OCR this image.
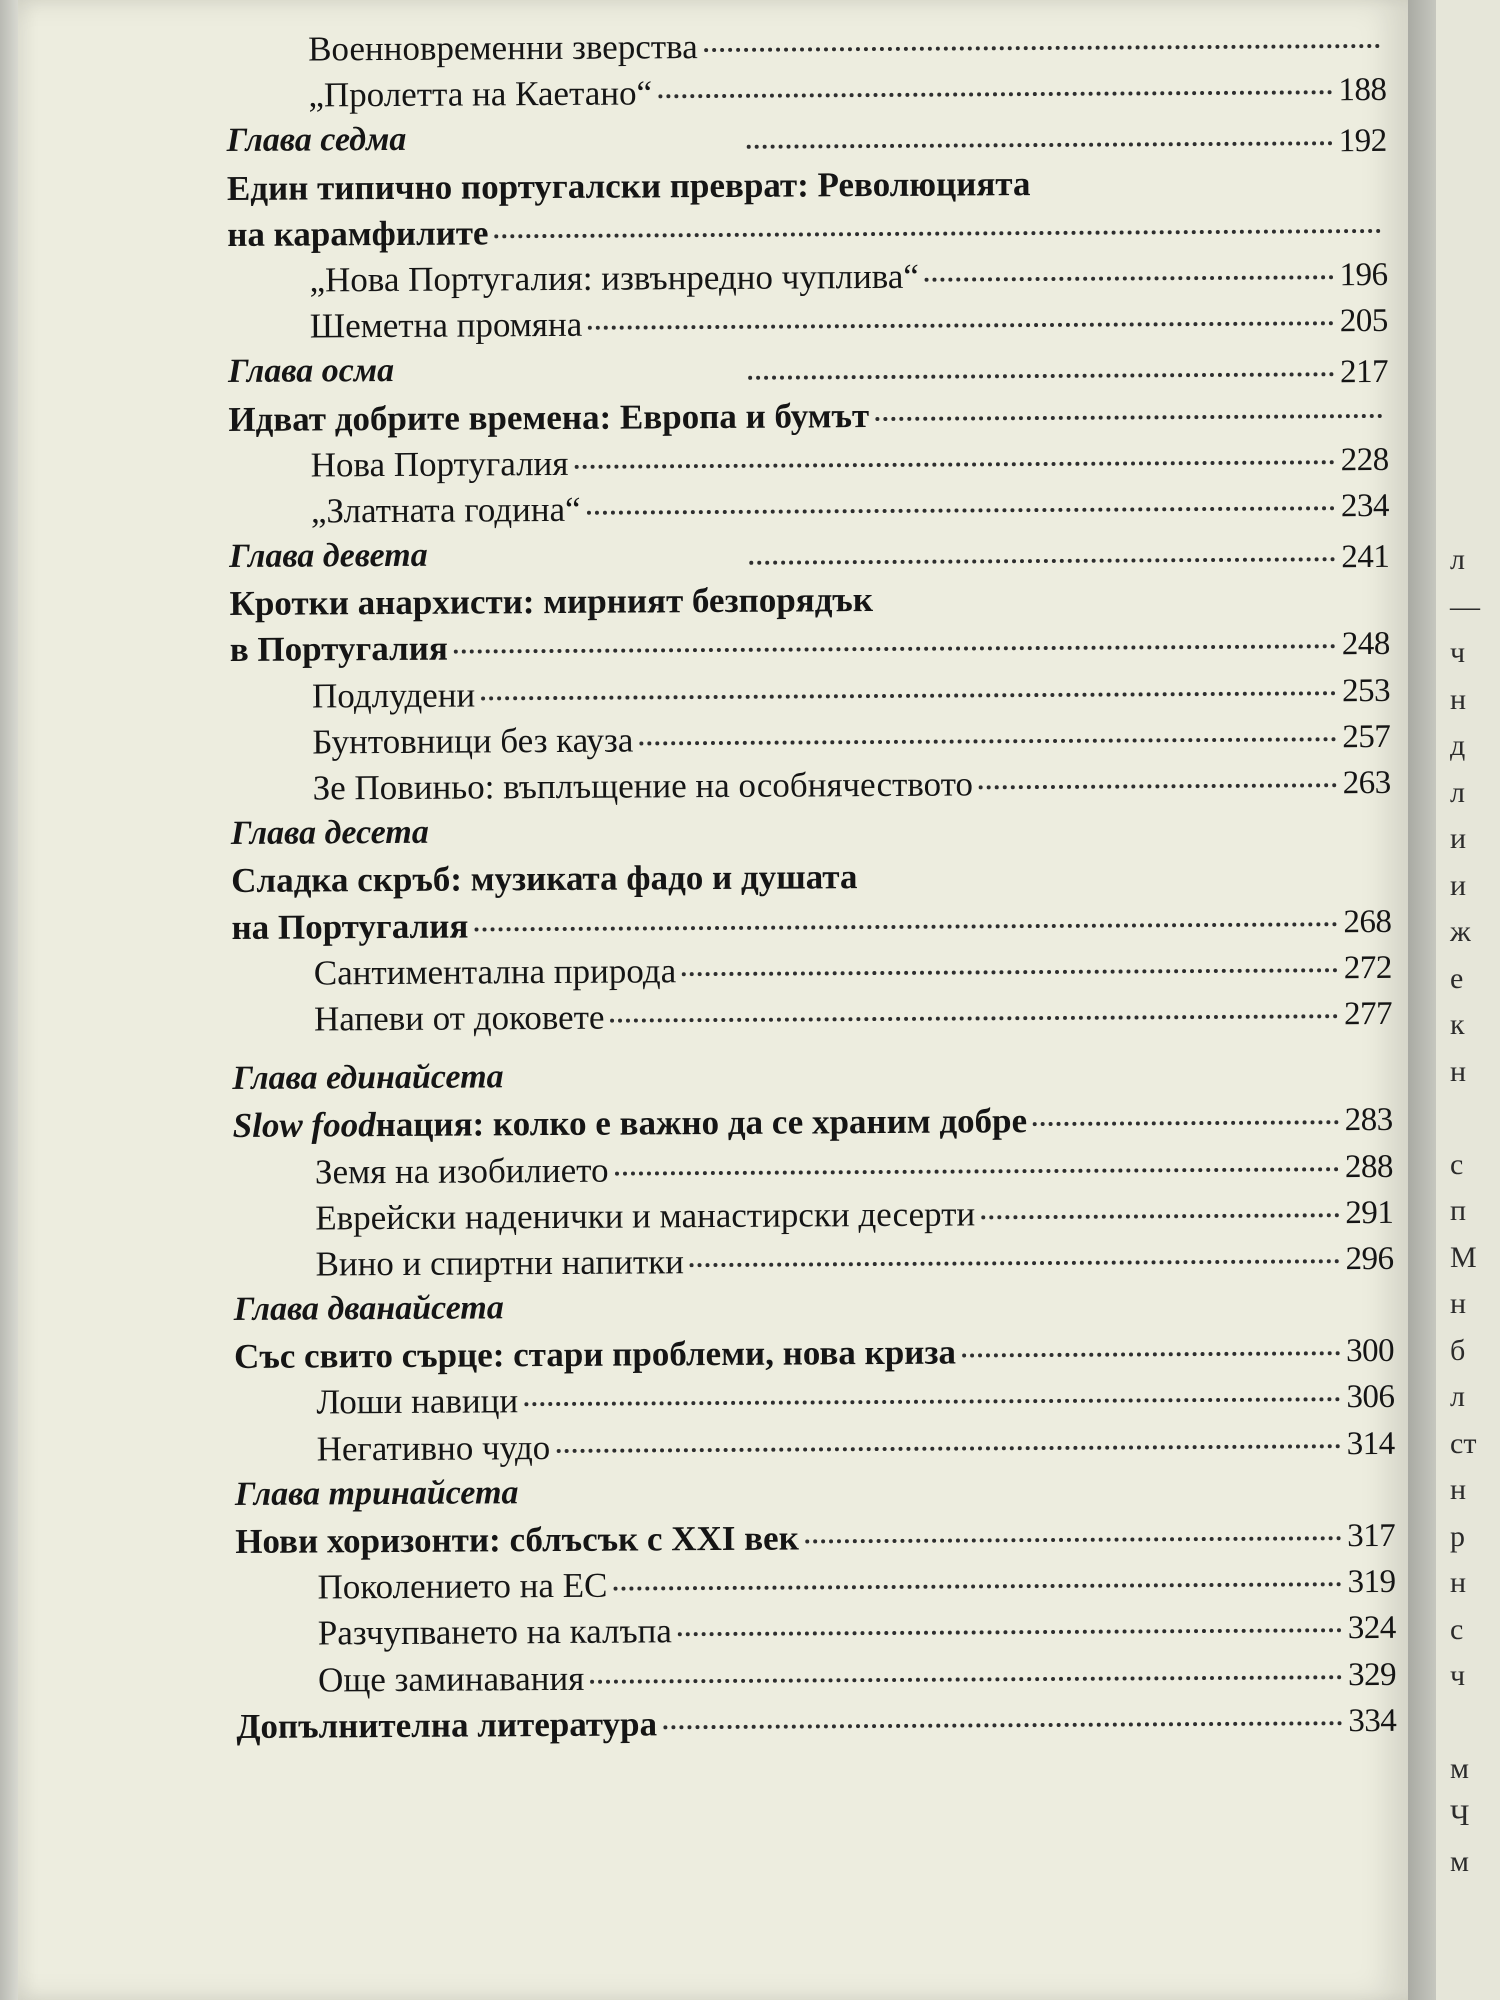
Военновременни зверства
„Пролетта на Каетано“	188
Глава седма	192
Един типично португалски преврат: Революцията
на карамфилите
„Нова Португалия: извънредно чуплива“	196
Шеметна промяна	205
Глава осма	217
Идват добрите времена: Европа и бумът
Нова Португалия	228
„Златната година“	234
Глава девета	241
Кротки анархисти: мирният безпорядък
в Португалия	248
Подлудени	253
Бунтовници без кауза	257
Зе Повиньо: въплъщение на особнячеството	263
Глава десета
Сладка скръб: музиката фадо и душата
на Португалия	268
Сантиментална природа	272
Напеви от доковете	277
Глава единайсета
Slow food нация: колко е важно да се храним добре	283
Земя на изобилието	288
Еврейски наденички и манастирски десерти	291
Вино и спиртни напитки	296
Глава дванайсета
Със свито сърце: стари проблеми, нова криза	300
Лоши навици	306
Негативно чудо	314
Глава тринайсета
Нови хоризонти: сблъсък с XXI век	317
Поколението на ЕС	319
Разчупването на калъпа	324
Още заминавания	329
Допълнителна литература	334
л
—
ч
н
д
л
и
и
ж
е
к
н
с
п
М
н
б
л
ст
н
р
н
с
ч
м
Ч
м
